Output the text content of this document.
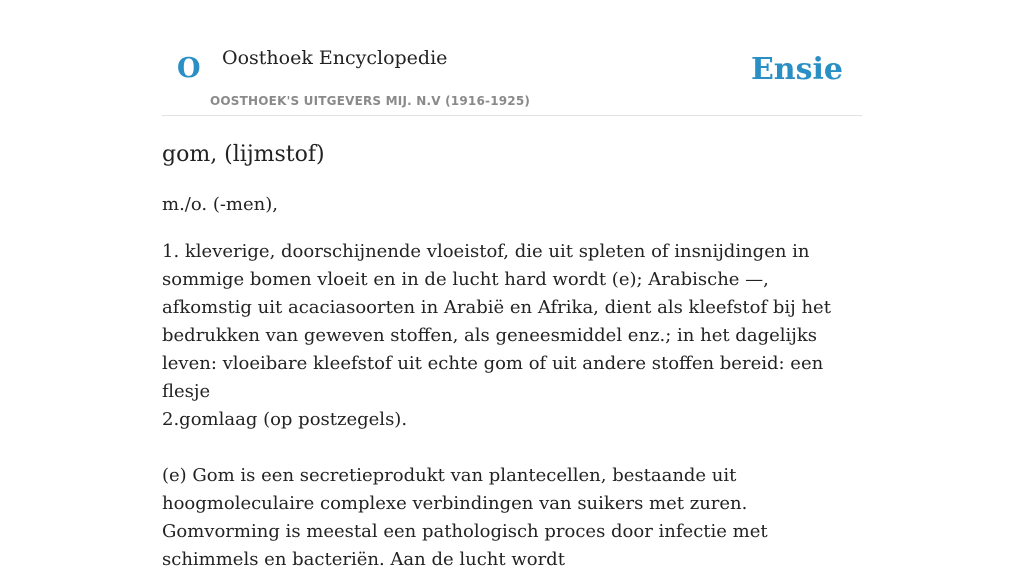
O Oosthoek Encyclopedie
OOSTHOEK'S UITGEVERS MIJ. N.V (1916-1925)
Ensie
gom, (lijmstof)

m./o. (-men),

1. kleverige, doorschijnende vloeistof, die uit spleten of insnijdingen in sommige bomen vloeit en in de lucht hard wordt (e); Arabische —, afkomstig uit acaciasoorten in Arabië en Afrika, dient als kleefstof bij het bedrukken van geweven stoffen, als geneesmiddel enz.; in het dagelijks leven: vloeibare kleefstof uit echte gom of uit andere stoffen bereid: een flesje
2.gomlaag (op postzegels).

(e) Gom is een secretieprodukt van plantecellen, bestaande uit hoogmoleculaire complexe verbindingen van suikers met zuren. Gomvorming is meestal een pathologisch proces door infectie met schimmels en bacteriën. Aan de lucht wordt
